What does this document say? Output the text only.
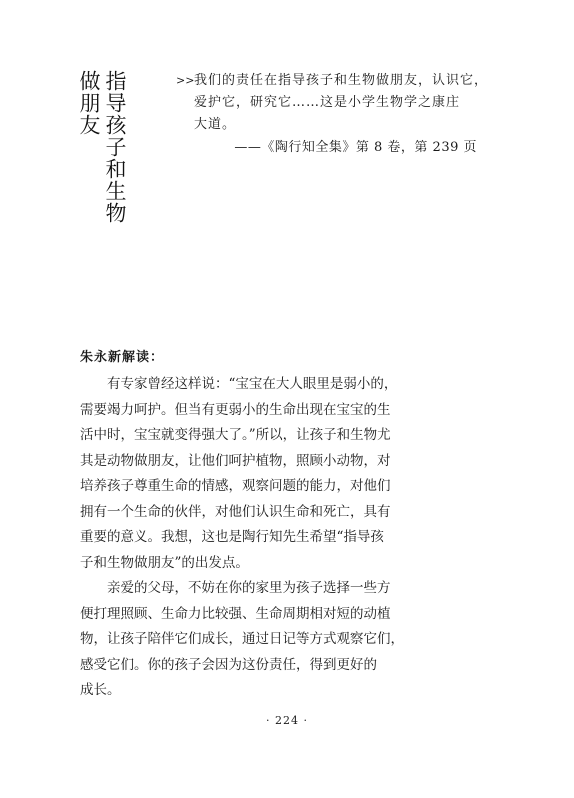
指导孩子和生物
做朋友	>> 我们的责任在指导孩子和生物做朋友，认识它，
爱护它，研究它……这是小学生物学之康庄
大道。
——《陶行知全集》第 8 卷，第 239 页
朱永新解读：
　　有专家曾经这样说：“宝宝在大人眼里是弱小的，
需要竭力呵护。但当有更弱小的生命出现在宝宝的生
活中时，宝宝就变得强大了。”所以，让孩子和生物尤
其是动物做朋友，让他们呵护植物，照顾小动物，对
培养孩子尊重生命的情感，观察问题的能力，对他们
拥有一个生命的伙伴，对他们认识生命和死亡，具有
重要的意义。我想，这也是陶行知先生希望“指导孩
子和生物做朋友”的出发点。
　　亲爱的父母，不妨在你的家里为孩子选择一些方
便打理照顾、生命力比较强、生命周期相对短的动植
物，让孩子陪伴它们成长，通过日记等方式观察它们，
感受它们。你的孩子会因为这份责任，得到更好的
成长。
· 224 ·
